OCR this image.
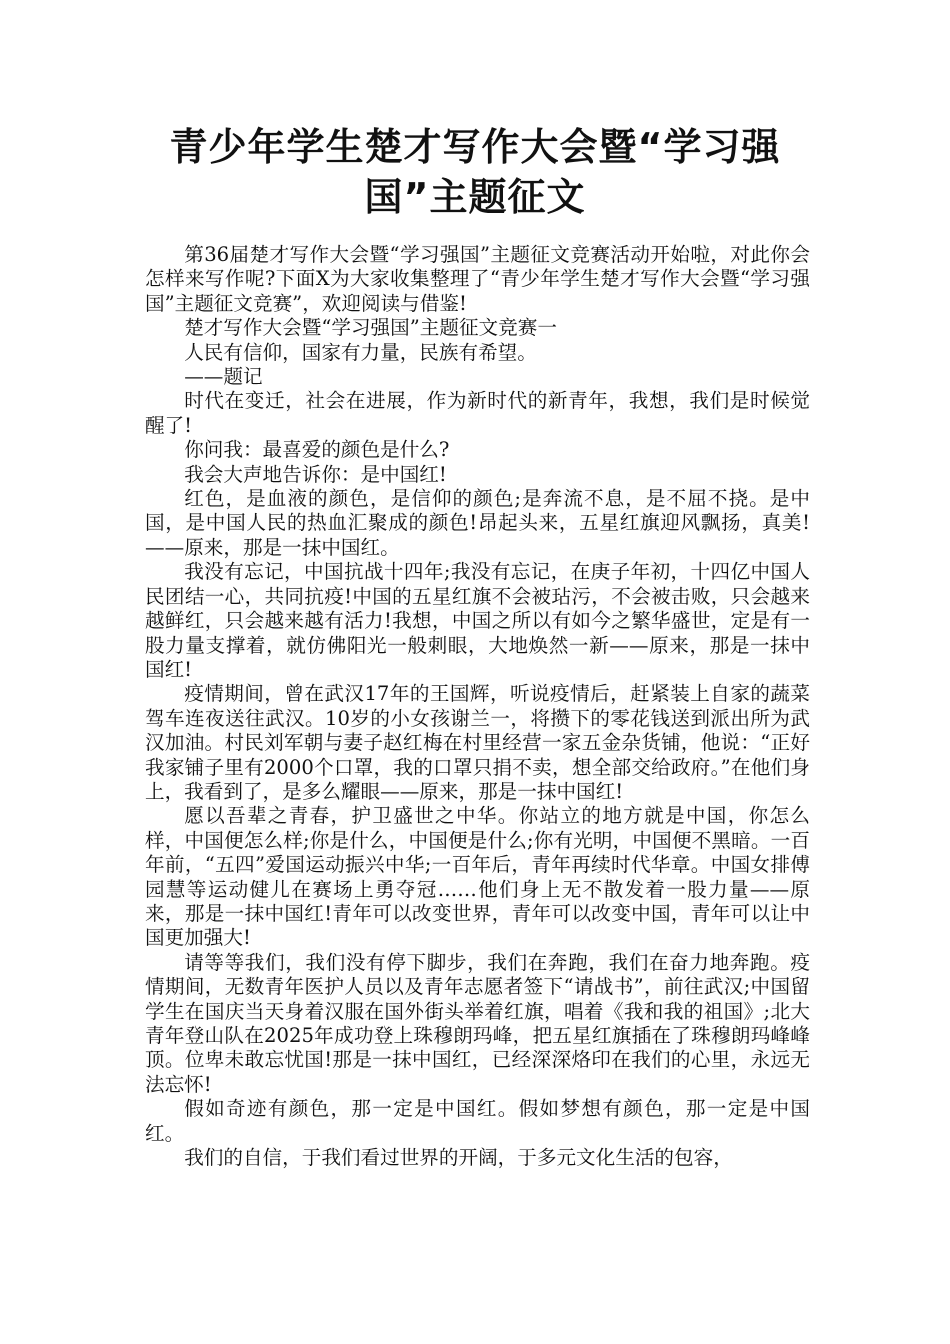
青少年学生楚才写作大会暨“学习强国”主题征文

第36届楚才写作大会暨“学习强国”主题征文竞赛活动开始啦，对此你会怎样来写作呢?下面X为大家收集整理了“青少年学生楚才写作大会暨“学习强国”主题征文竞赛”，欢迎阅读与借鉴!

楚才写作大会暨“学习强国”主题征文竞赛一

人民有信仰，国家有力量，民族有希望。

——题记

时代在变迁，社会在进展，作为新时代的新青年，我想，我们是时候觉醒了!

你问我：最喜爱的颜色是什么?

我会大声地告诉你：是中国红!

红色，是血液的颜色，是信仰的颜色;是奔流不息，是不屈不挠。是中国，是中国人民的热血汇聚成的颜色!昂起头来，五星红旗迎风飘扬，真美!——原来，那是一抹中国红。

我没有忘记，中国抗战十四年;我没有忘记，在庚子年初，十四亿中国人民团结一心，共同抗疫!中国的五星红旗不会被玷污，不会被击败，只会越来越鲜红，只会越来越有活力!我想，中国之所以有如今之繁华盛世，定是有一股力量支撑着，就仿佛阳光一般刺眼，大地焕然一新——原来，那是一抹中国红!

疫情期间，曾在武汉17年的王国辉，听说疫情后，赶紧装上自家的蔬菜驾车连夜送往武汉。10岁的小女孩谢兰一，将攒下的零花钱送到派出所为武汉加油。村民刘军朝与妻子赵红梅在村里经营一家五金杂货铺，他说：“正好我家铺子里有2000个口罩，我的口罩只捐不卖，想全部交给政府。”在他们身上，我看到了，是多么耀眼——原来，那是一抹中国红!

愿以吾辈之青春，护卫盛世之中华。你站立的地方就是中国，你怎么样，中国便怎么样;你是什么，中国便是什么;你有光明，中国便不黑暗。一百年前，“五四”爱国运动振兴中华;一百年后，青年再续时代华章。中国女排傅园慧等运动健儿在赛场上勇夺冠……他们身上无不散发着一股力量——原来，那是一抹中国红!青年可以改变世界，青年可以改变中国，青年可以让中国更加强大!

请等等我们，我们没有停下脚步，我们在奔跑，我们在奋力地奔跑。疫情期间，无数青年医护人员以及青年志愿者签下“请战书”，前往武汉;中国留学生在国庆当天身着汉服在国外街头举着红旗，唱着《我和我的祖国》;北大青年登山队在2025年成功登上珠穆朗玛峰，把五星红旗插在了珠穆朗玛峰峰顶。位卑未敢忘忧国!那是一抹中国红，已经深深烙印在我们的心里，永远无法忘怀!

假如奇迹有颜色，那一定是中国红。假如梦想有颜色，那一定是中国红。

我们的自信，于我们看过世界的开阔，于多元文化生活的包容，
